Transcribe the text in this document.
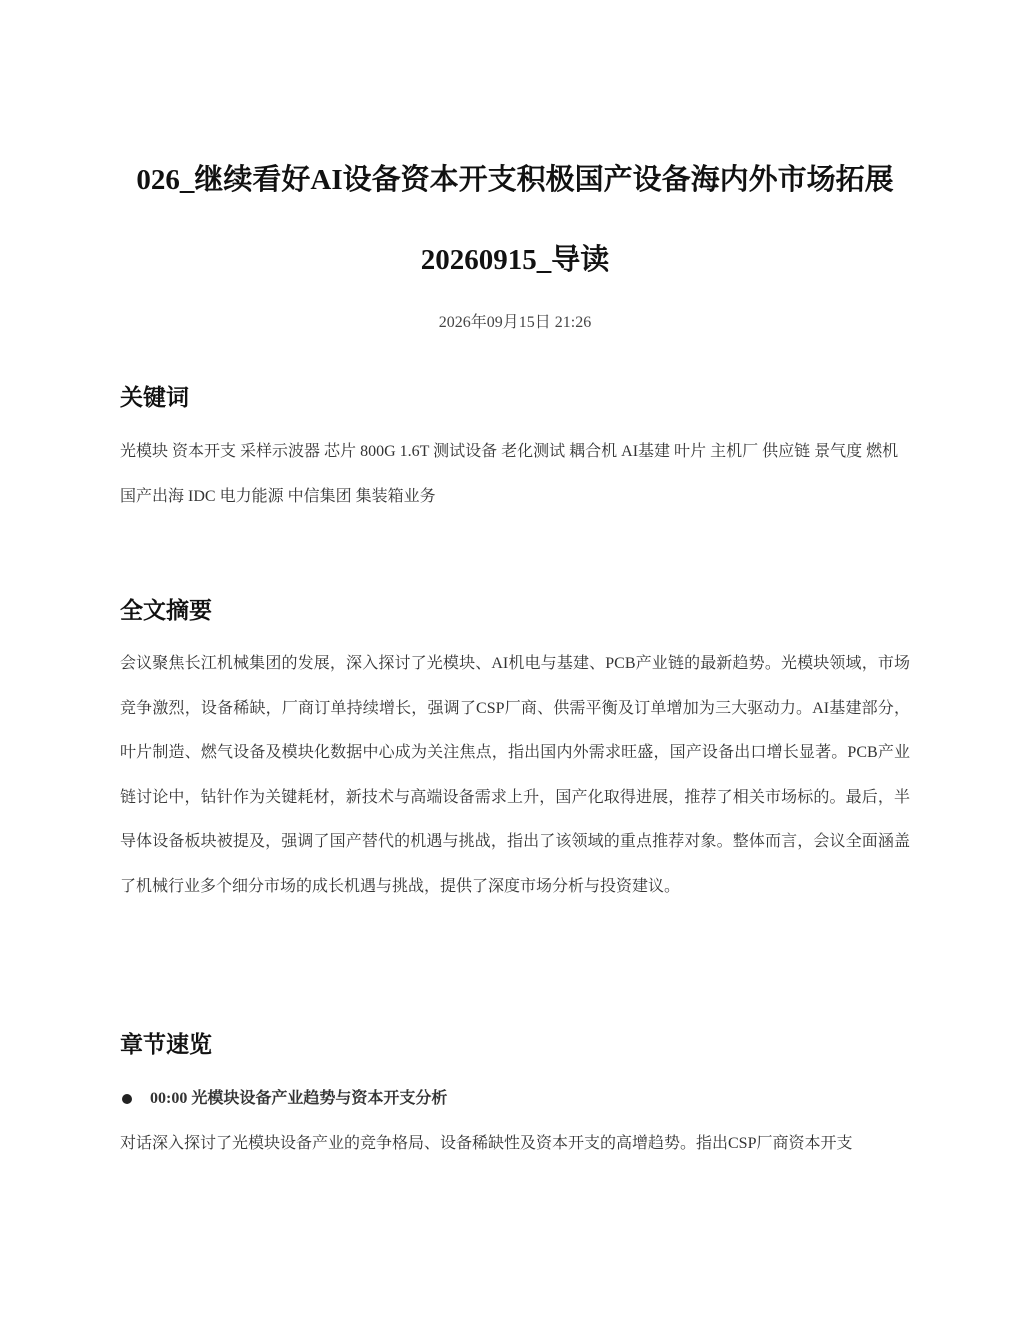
026_继续看好AI设备资本开支积极国产设备海内外市场拓展20260915_导读
2026年09月15日 21:26
关键词
光模块 资本开支 采样示波器 芯片 800G 1.6T 测试设备 老化测试 耦合机 AI基建 叶片 主机厂 供应链 景气度 燃机 国产出海 IDC 电力能源 中信集团 集装箱业务
全文摘要

会议聚焦长江机械集团的发展，深入探讨了光模块、AI机电与基建、PCB产业链的最新趋势。光模块领域，市场竞争激烈，设备稀缺，厂商订单持续增长，强调了CSP厂商、供需平衡及订单增加为三大驱动力。AI基建部分，叶片制造、燃气设备及模块化数据中心成为关注焦点，指出国内外需求旺盛，国产设备出口增长显著。PCB产业链讨论中，钻针作为关键耗材，新技术与高端设备需求上升，国产化取得进展，推荐了相关市场标的。最后，半导体设备板块被提及，强调了国产替代的机遇与挑战，指出了该领域的重点推荐对象。整体而言，会议全面涵盖了机械行业多个细分市场的成长机遇与挑战，提供了深度市场分析与投资建议。

章节速览
00:00 光模块设备产业趋势与资本开支分析

对话深入探讨了光模块设备产业的竞争格局、设备稀缺性及资本开支的高增趋势。指出CSP厂商资本开支
